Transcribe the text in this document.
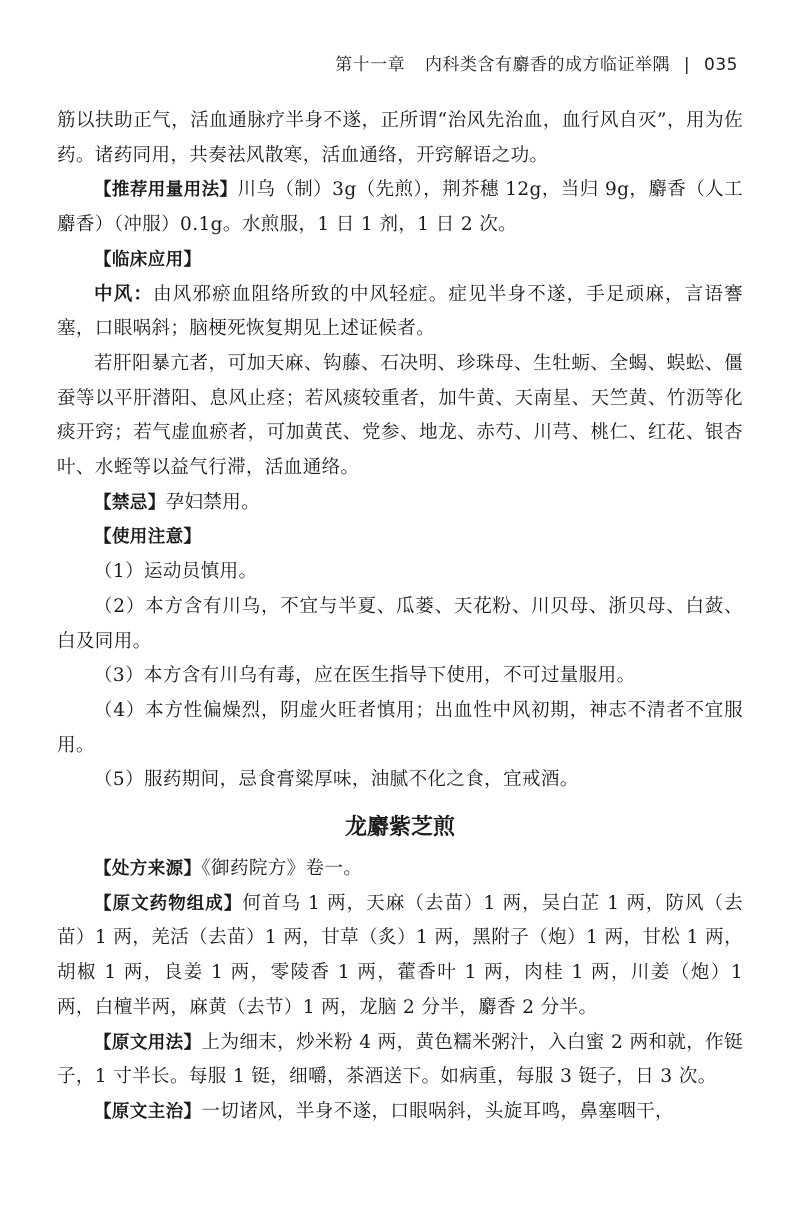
第十一章 内科类含有麝香的成方临证举隅 | 035

筋以扶助正气，活血通脉疗半身不遂，正所谓“治风先治血，血行风自灭”，用为佐药。诸药同用，共奏祛风散寒，活血通络，开窍解语之功。

【推荐用量用法】川乌（制）3g（先煎），荆芥穗 12g，当归 9g，麝香（人工麝香）（冲服）0.1g。水煎服，1 日 1 剂，1 日 2 次。

【临床应用】

中风：由风邪瘀血阻络所致的中风轻症。症见半身不遂，手足顽麻，言语謇塞，口眼㖞斜；脑梗死恢复期见上述证候者。

若肝阳暴亢者，可加天麻、钩藤、石决明、珍珠母、生牡蛎、全蝎、蜈蚣、僵蚕等以平肝潜阳、息风止痉；若风痰较重者，加牛黄、天南星、天竺黄、竹沥等化痰开窍；若气虚血瘀者，可加黄芪、党参、地龙、赤芍、川芎、桃仁、红花、银杏叶、水蛭等以益气行滞，活血通络。

【禁忌】孕妇禁用。

【使用注意】

（1）运动员慎用。

（2）本方含有川乌，不宜与半夏、瓜蒌、天花粉、川贝母、浙贝母、白蔹、白及同用。

（3）本方含有川乌有毒，应在医生指导下使用，不可过量服用。

（4）本方性偏燥烈，阴虚火旺者慎用；出血性中风初期，神志不清者不宜服用。

（5）服药期间，忌食膏粱厚味，油腻不化之食，宜戒酒。

龙麝紫芝煎

【处方来源】《御药院方》卷一。

【原文药物组成】何首乌 1 两，天麻（去苗）1 两，吴白芷 1 两，防风（去苗）1 两，羌活（去苗）1 两，甘草（炙）1 两，黑附子（炮）1 两，甘松 1 两，胡椒 1 两，良姜 1 两，零陵香 1 两，藿香叶 1 两，肉桂 1 两，川姜（炮）1 两，白檀半两，麻黄（去节）1 两，龙脑 2 分半，麝香 2 分半。

【原文用法】上为细末，炒米粉 4 两，黄色糯米粥汁，入白蜜 2 两和就，作铤子，1 寸半长。每服 1 铤，细嚼，茶酒送下。如病重，每服 3 铤子，日 3 次。

【原文主治】一切诸风，半身不遂，口眼㖞斜，头旋耳鸣，鼻塞咽干，
